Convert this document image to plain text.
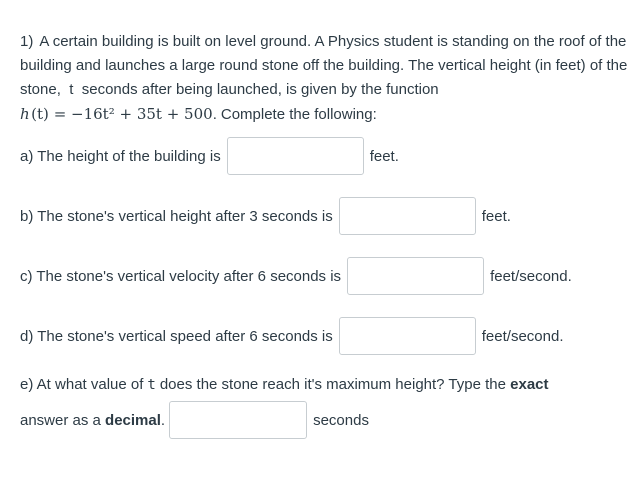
1) A certain building is built on level ground. A Physics student is standing on the roof of the building and launches a large round stone off the building. The vertical height (in feet) of the stone, t seconds after being launched, is given by the function
h  (t) = −16t² + 35t + 500. Complete the following:
a) The height of the building is	feet.
b) The stone's vertical height after 3 seconds is	feet.
c) The stone's vertical velocity after 6 seconds is	feet/second.
d) The stone's vertical speed after 6 seconds is	feet/second.
e) At what value of t does the stone reach it's maximum height? Type the exact
answer as a
decimal .	seconds
